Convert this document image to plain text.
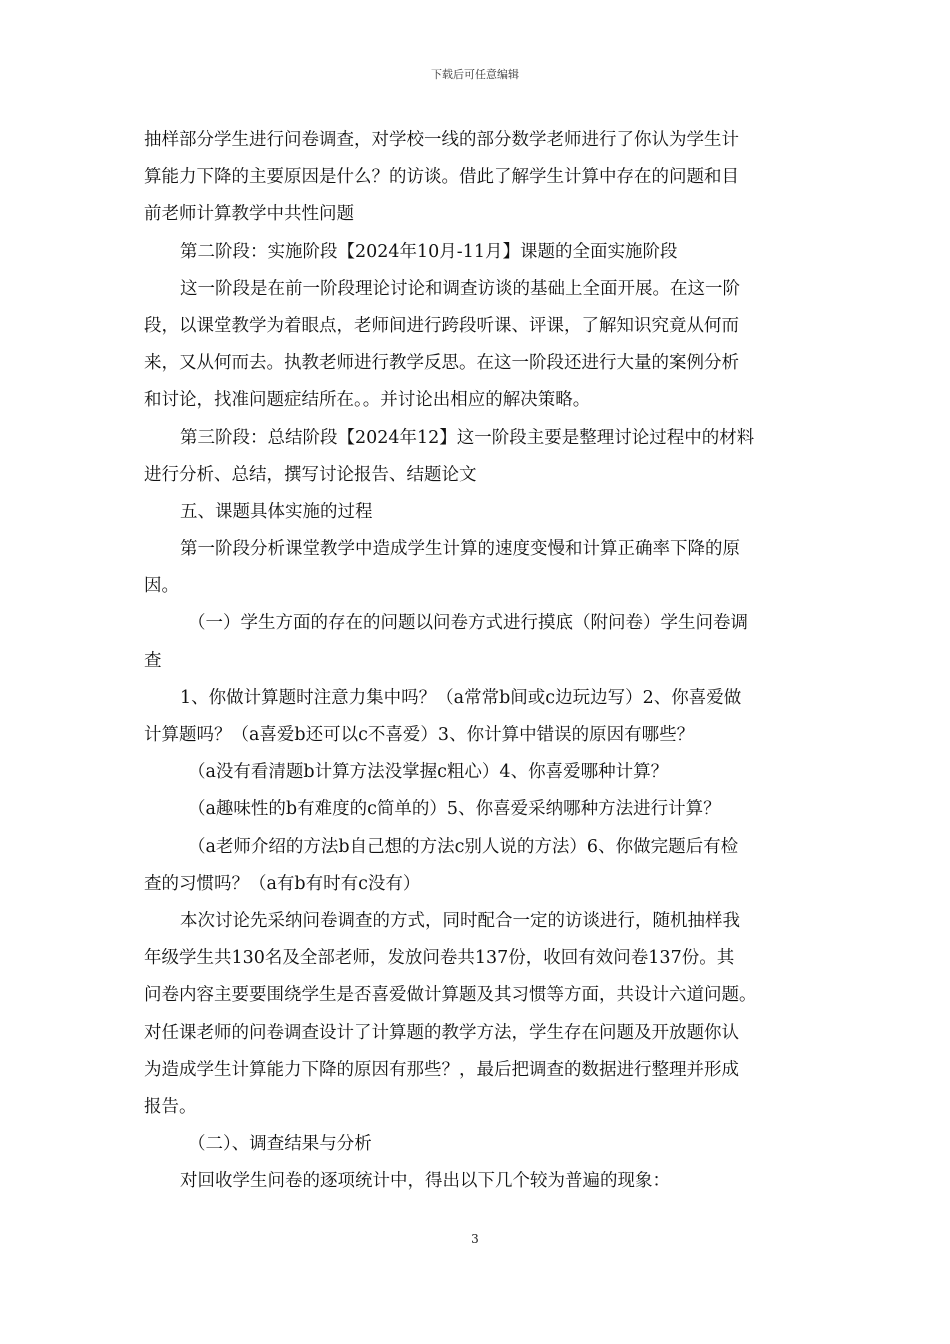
下载后可任意编辑
抽样部分学生进行问卷调查，对学校一线的部分数学老师进行了你认为学生计
算能力下降的主要原因是什么？的访谈。借此了解学生计算中存在的问题和目
前老师计算教学中共性问题
第二阶段：实施阶段【2024年10月-11月】课题的全面实施阶段
这一阶段是在前一阶段理论讨论和调查访谈的基础上全面开展。在这一阶
段，以课堂教学为着眼点，老师间进行跨段听课、评课，了解知识究竟从何而
来，又从何而去。执教老师进行教学反思。在这一阶段还进行大量的案例分析
和讨论，找准问题症结所在。。并讨论出相应的解决策略。
第三阶段：总结阶段【2024年12】这一阶段主要是整理讨论过程中的材料
进行分析、总结，撰写讨论报告、结题论文
五、课题具体实施的过程
第一阶段分析课堂教学中造成学生计算的速度变慢和计算正确率下降的原
因。
（一）学生方面的存在的问题以问卷方式进行摸底（附问卷）学生问卷调
查
1、你做计算题时注意力集中吗？（a常常b间或c边玩边写）2、你喜爱做
计算题吗？（a喜爱b还可以c不喜爱）3、你计算中错误的原因有哪些？
（a没有看清题b计算方法没掌握c粗心）4、你喜爱哪种计算？
（a趣味性的b有难度的c简单的）5、你喜爱采纳哪种方法进行计算？
（a老师介绍的方法b自己想的方法c别人说的方法）6、你做完题后有检
查的习惯吗？（a有b有时有c没有）
本次讨论先采纳问卷调查的方式，同时配合一定的访谈进行，随机抽样我
年级学生共130名及全部老师，发放问卷共137份，收回有效问卷137份。其
问卷内容主要要围绕学生是否喜爱做计算题及其习惯等方面，共设计六道问题。
对任课老师的问卷调查设计了计算题的教学方法，学生存在问题及开放题你认
为造成学生计算能力下降的原因有那些？，最后把调查的数据进行整理并形成
报告。
（二）、调查结果与分析
对回收学生问卷的逐项统计中，得出以下几个较为普遍的现象：
3
